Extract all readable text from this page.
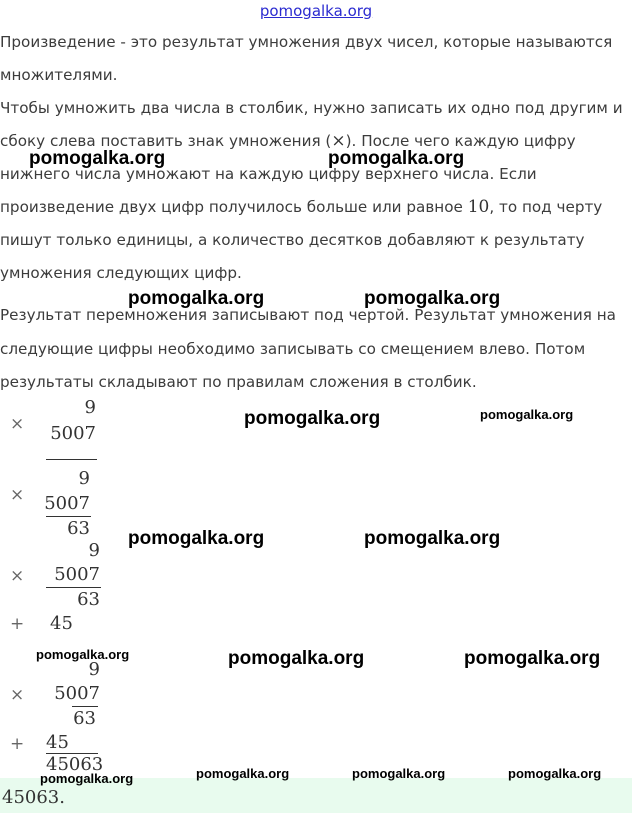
pomogalka.org

Произведение - это результат умножения двух чисел, которые называются

множителями.

Чтобы умножить два числа в столбик, нужно записать их одно под другим и

сбоку слева поставить знак умножения (×). После чего каждую цифру

нижнего числа умножают на каждую цифру верхнего числа. Если

произведение двух цифр получилось больше или равное 10, то под черту

пишут только единицы, а количество десятков добавляют к результату

умножения следующих цифр.

Результат перемножения записывают под чертой. Результат умножения на

следующие цифры необходимо записывать со смещением влево. Потом

результаты складывают по правилам сложения в столбик.

×
9
5007
9
× 5007
63
9
× 5007
63
+ 45
9
× 5007
63
+ 45
45063
45063.
pomogalka.org	pomogalka.org
pomogalka.org	pomogalka.org
pomogalka.org	pomogalka.org
pomogalka.org	pomogalka.org
pomogalka.org	pomogalka.org	pomogalka.org
pomogalka.org	pomogalka.org	pomogalka.org	pomogalka.org
